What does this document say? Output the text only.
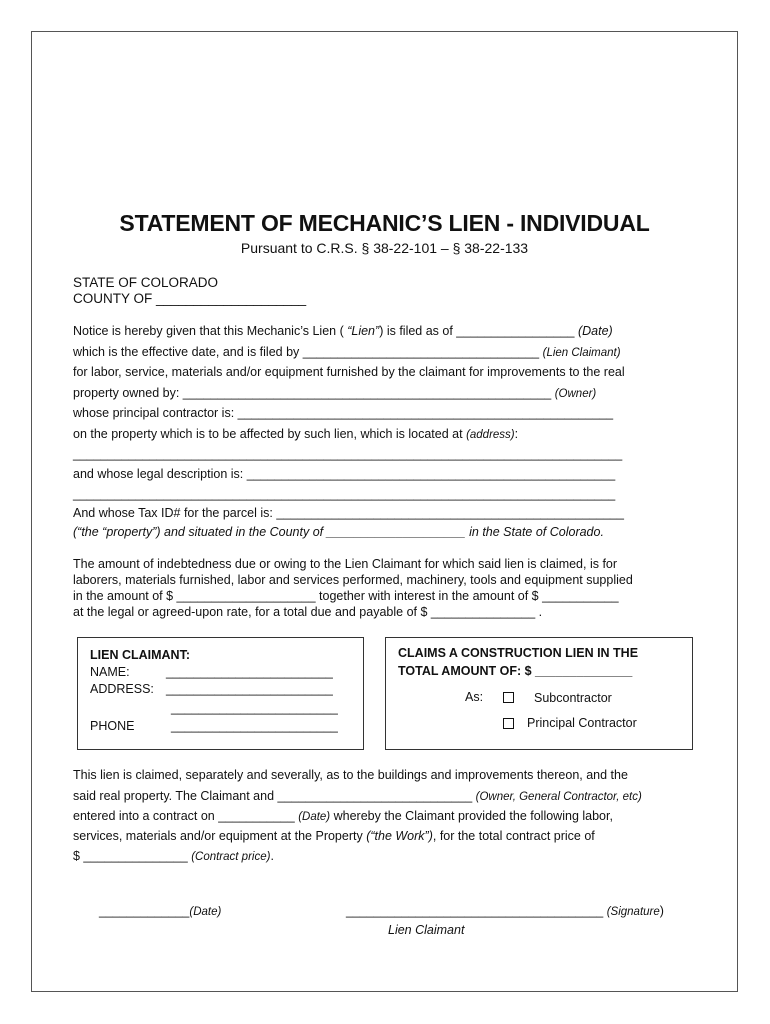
STATEMENT OF MECHANIC’S LIEN - INDIVIDUAL
Pursuant to C.R.S. § 38-22-101 – § 38-22-133
STATE OF COLORADO
COUNTY OF ____________________
Notice is hereby given that this Mechanic’s Lien ( “Lien”) is filed as of _________________ (Date)
which is the effective date, and is filed by __________________________________ (Lien Claimant)
for labor, service, materials and/or equipment furnished by the claimant for improvements to the real
property owned by: _____________________________________________________ (Owner)
whose principal contractor is: ______________________________________________________
on the property which is to be affected by such lien, which is located at (address):
_______________________________________________________________________________
and whose legal description is: _____________________________________________________
______________________________________________________________________________
And whose Tax ID# for the parcel is: __________________________________________________
(“the “property”) and situated in the County of ____________________ in the State of Colorado.
The amount of indebtedness due or owing to the Lien Claimant for which said lien is claimed, is for
laborers, materials furnished, labor and services performed, machinery, tools and equipment supplied
in the amount of $ ____________________ together with interest in the amount of $ ___________
at the legal or agreed-upon rate, for a total due and payable of $ _______________ .
LIEN CLAIMANT:
NAME:	________________________
ADDRESS: ________________________
________________________
PHONE	________________________
CLAIMS A CONSTRUCTION LIEN IN THE
TOTAL AMOUNT OF: $ ______________
As:	Subcontractor
Principal Contractor
This lien is claimed, separately and severally, as to the buildings and improvements thereon, and the
said real property. The Claimant and ____________________________ (Owner, General Contractor, etc)
entered into a contract on ___________ (Date) whereby the Claimant provided the following labor,
services, materials and/or equipment at the Property (“the Work”), for the total contract price of
$ _______________ (Contract price).
_____________(Date)	_____________________________________ (Signature)
Lien Claimant
